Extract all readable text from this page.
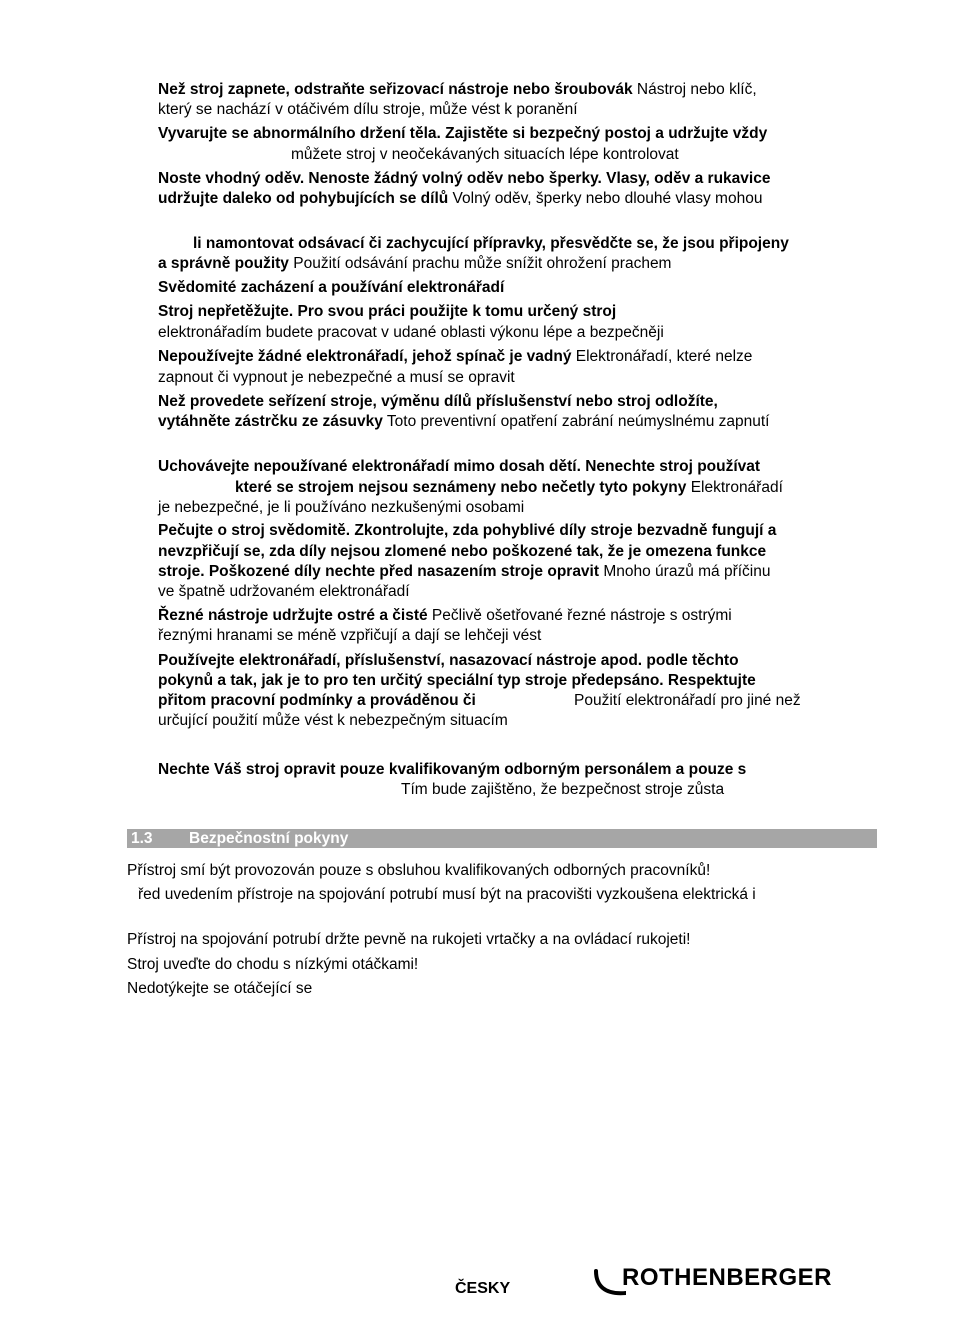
Než stroj zapnete, odstraňte seřizovací nástroje nebo šroubovák Nástroj nebo klíč,
který se nachází v otáčivém dílu stroje, může vést k poranění
Vyvarujte se abnormálního držení těla. Zajistěte si bezpečný postoj a udržujte vždy
můžete stroj v neočekávaných situacích lépe kontrolovat
Noste vhodný oděv. Nenoste žádný volný oděv nebo šperky. Vlasy, oděv a rukavice
udržujte daleko od pohybujících se dílů Volný oděv, šperky nebo dlouhé vlasy mohou
li namontovat odsávací či zachycující přípravky, přesvědčte se, že jsou připojeny
a správně použity Použití odsávání prachu může snížit ohrožení prachem
Svědomité zacházení a používání elektronářadí
Stroj nepřetěžujte. Pro svou práci použijte k tomu určený stroj
elektronářadím budete pracovat v udané oblasti výkonu lépe a bezpečněji
Nepoužívejte žádné elektronářadí, jehož spínač je vadný Elektronářadí, které nelze
zapnout či vypnout je nebezpečné a musí se opravit
Než provedete seřízení stroje, výměnu dílů příslušenství nebo stroj odložíte,
vytáhněte zástrčku ze zásuvky Toto preventivní opatření zabrání neúmyslnému zapnutí
Uchovávejte nepoužívané elektronářadí mimo dosah dětí. Nenechte stroj používat
které se strojem nejsou seznámeny nebo nečetly tyto pokyny Elektronářadí
je nebezpečné, je li používáno nezkušenými osobami
Pečujte o stroj svědomitě. Zkontrolujte, zda pohyblivé díly stroje bezvadně fungují a
nevzpřičují se, zda díly nejsou zlomené nebo poškozené tak, že je omezena funkce
stroje. Poškozené díly nechte před nasazením stroje opravit Mnoho úrazů má příčinu
ve špatně udržovaném elektronářadí
Řezné nástroje udržujte ostré a čisté Pečlivě ošetřované řezné nástroje s ostrými
řeznými hranami se méně vzpřičují a dají se lehčeji vést
Používejte elektronářadí, příslušenství, nasazovací nástroje apod. podle těchto
pokynů a tak, jak je to pro ten určitý speciální typ stroje předepsáno. Respektujte
přitom pracovní podmínky a prováděnou či	Použití elektronářadí pro jiné než
určující použití může vést k nebezpečným situacím
Nechte Váš stroj opravit pouze kvalifikovaným odborným personálem a pouze s
Tím bude zajištěno, že bezpečnost stroje zůsta
1.3 Bezpečnostní pokyny
Přístroj smí být provozován pouze s obsluhou kvalifikovaných odborných pracovníků!
řed uvedením přístroje na spojování potrubí musí být na pracovišti vyzkoušena elektrická i
Přístroj na spojování potrubí držte pevně na rukojeti vrtačky a na ovládací rukojeti!
Stroj uveďte do chodu s nízkými otáčkami!
Nedotýkejte se otáčející se
ČESKY	ROTHENBERGER
